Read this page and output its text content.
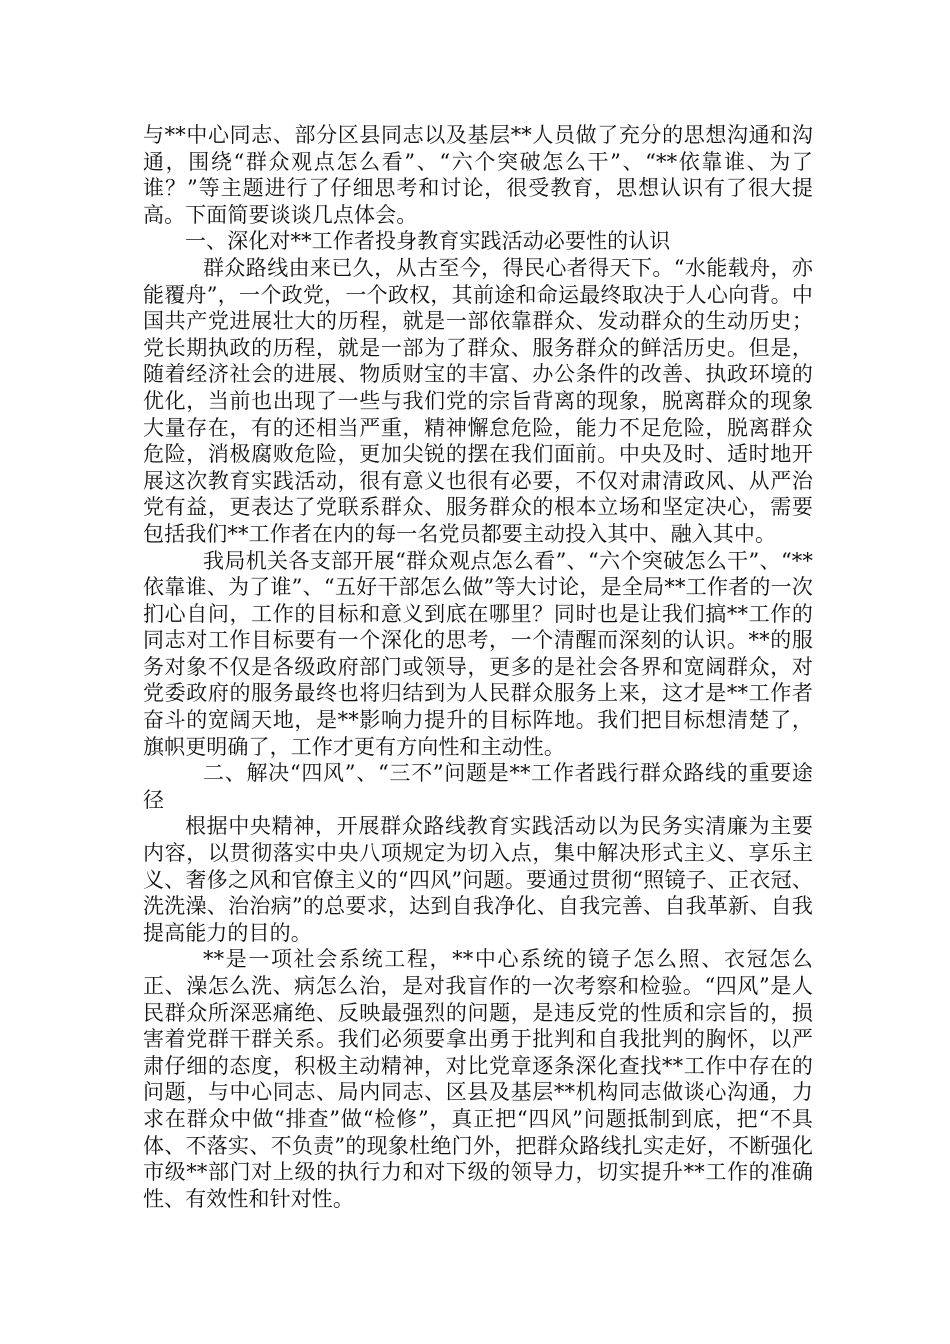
与**中心同志、部分区县同志以及基层**人员做了充分的思想沟通和沟通，围绕“群众观点怎么看”、“六个突破怎么干”、“**依靠谁、为了谁？”等主题进行了仔细思考和讨论，很受教育，思想认识有了很大提高。下面简要谈谈几点体会。

一、深化对**工作者投身教育实践活动必要性的认识

群众路线由来已久，从古至今，得民心者得天下。“水能载舟，亦能覆舟”，一个政党，一个政权，其前途和命运最终取决于人心向背。中国共产党进展壮大的历程，就是一部依靠群众、发动群众的生动历史；党长期执政的历程，就是一部为了群众、服务群众的鲜活历史。但是，随着经济社会的进展、物质财宝的丰富、办公条件的改善、执政环境的优化，当前也出现了一些与我们党的宗旨背离的现象，脱离群众的现象大量存在，有的还相当严重，精神懈怠危险，能力不足危险，脱离群众危险，消极腐败危险，更加尖锐的摆在我们面前。中央及时、适时地开展这次教育实践活动，很有意义也很有必要，不仅对肃清政风、从严治党有益，更表达了党联系群众、服务群众的根本立场和坚定决心，需要包括我们**工作者在内的每一名党员都要主动投入其中、融入其中。

我局机关各支部开展“群众观点怎么看”、“六个突破怎么干”、“**依靠谁、为了谁”、“五好干部怎么做”等大讨论，是全局**工作者的一次扪心自问，工作的目标和意义到底在哪里？同时也是让我们搞**工作的同志对工作目标要有一个深化的思考，一个清醒而深刻的认识。**的服务对象不仅是各级政府部门或领导，更多的是社会各界和宽阔群众，对党委政府的服务最终也将归结到为人民群众服务上来，这才是**工作者奋斗的宽阔天地，是**影响力提升的目标阵地。我们把目标想清楚了，旗帜更明确了，工作才更有方向性和主动性。

二、解决“四风”、“三不”问题是**工作者践行群众路线的重要途径

根据中央精神，开展群众路线教育实践活动以为民务实清廉为主要内容，以贯彻落实中央八项规定为切入点，集中解决形式主义、享乐主义、奢侈之风和官僚主义的“四风”问题。要通过贯彻“照镜子、正衣冠、洗洗澡、治治病”的总要求，达到自我净化、自我完善、自我革新、自我提高能力的目的。

**是一项社会系统工程，**中心系统的镜子怎么照、衣冠怎么正、澡怎么洗、病怎么治，是对我盲作的一次考察和检验。“四风”是人民群众所深恶痛绝、反映最强烈的问题，是违反党的性质和宗旨的，损害着党群干群关系。我们必须要拿出勇于批判和自我批判的胸怀，以严肃仔细的态度，积极主动精神，对比党章逐条深化查找**工作中存在的问题，与中心同志、局内同志、区县及基层**机构同志做谈心沟通，力求在群众中做“排查”做“检修”，真正把“四风”问题抵制到底，把“不具体、不落实、不负责”的现象杜绝门外，把群众路线扎实走好，不断强化市级**部门对上级的执行力和对下级的领导力，切实提升**工作的准确性、有效性和针对性。
